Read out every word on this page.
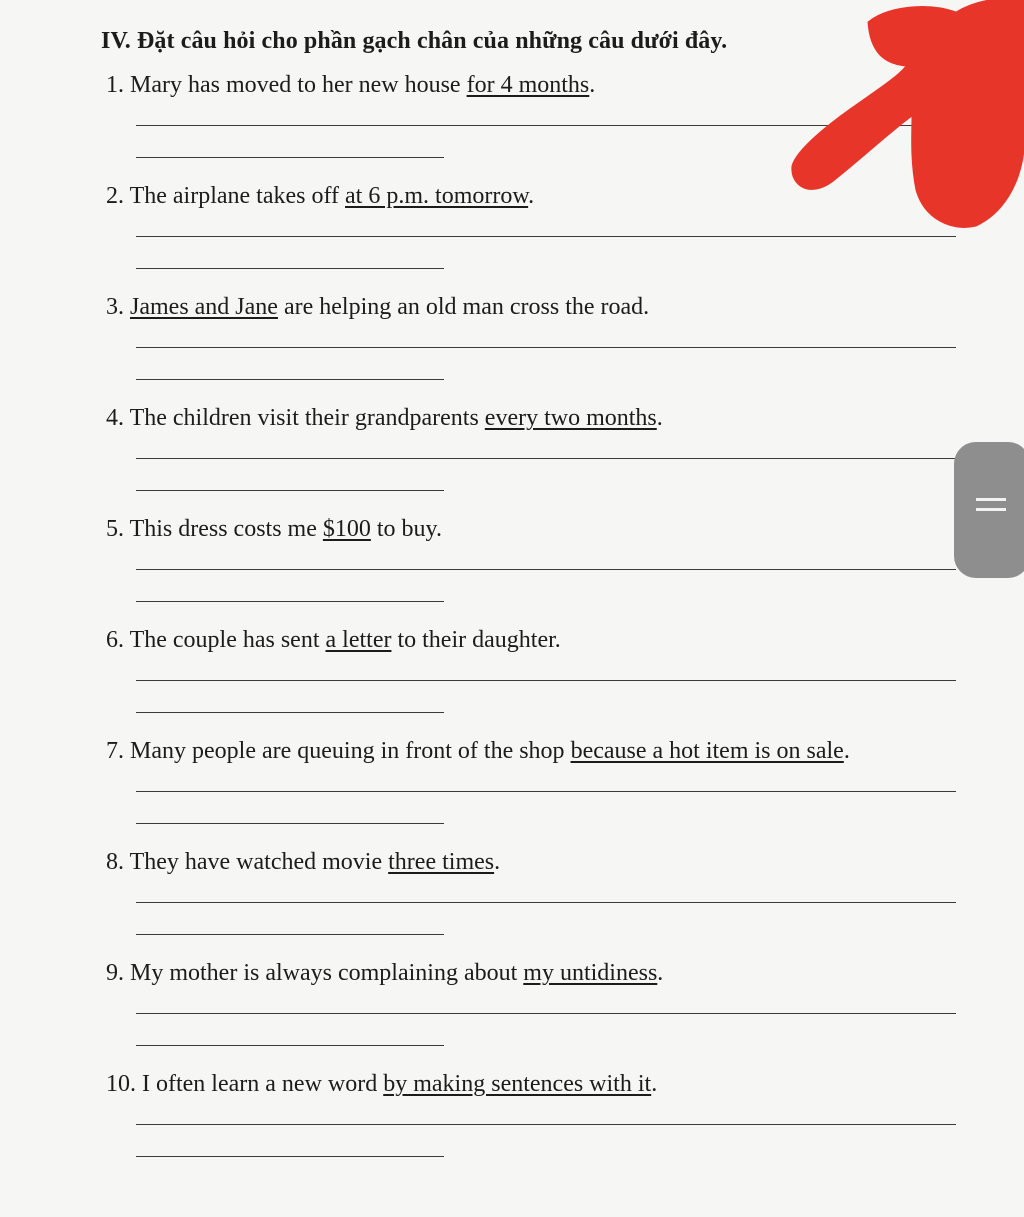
IV. Đặt câu hỏi cho phần gạch chân của những câu dưới đây.

1. Mary has moved to her new house for 4 months.

2. The airplane takes off at 6 p.m. tomorrow.

3. James and Jane are helping an old man cross the road.

4. The children visit their grandparents every two months.

5. This dress costs me $100 to buy.

6. The couple has sent a letter to their daughter.

7. Many people are queuing in front of the shop because a hot item is on sale.

8. They have watched movie three times.

9. My mother is always complaining about my untidiness.

10. I often learn a new word by making sentences with it.
